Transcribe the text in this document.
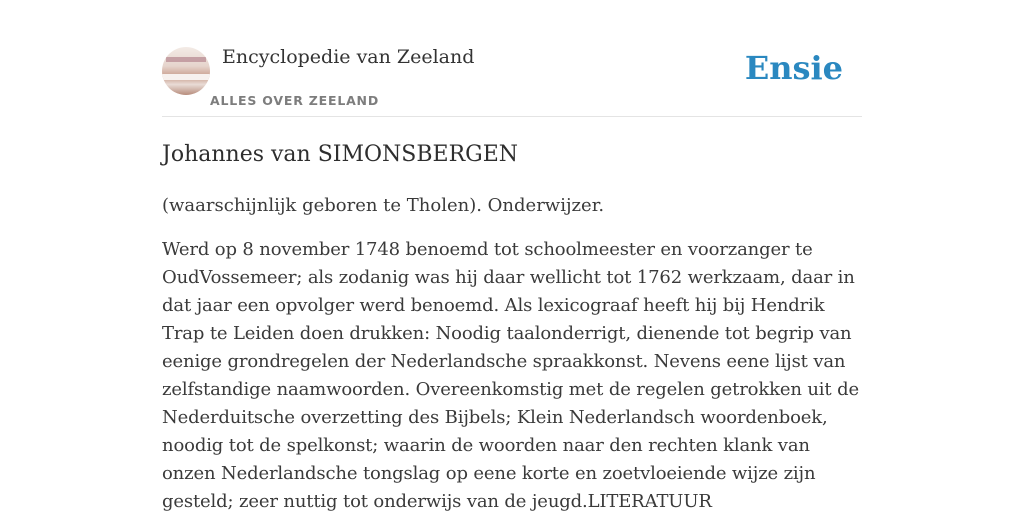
Encyclopedie van Zeeland
ALLES OVER ZEELAND
Ensie
Johannes van SIMONSBERGEN

(waarschijnlijk geboren te Tholen). Onderwijzer.

Werd op 8 november 1748 benoemd tot schoolmeester en voorzanger te OudVossemeer; als zodanig was hij daar wellicht tot 1762 werkzaam, daar in dat jaar een opvolger werd benoemd. Als lexicograaf heeft hij bij Hendrik Trap te Leiden doen drukken: Noodig taalonderrigt, dienende tot begrip van eenige grondregelen der Nederlandsche spraakkonst. Nevens eene lijst van zelfstandige naamwoorden. Overeenkomstig met de regelen getrokken uit de Nederduitsche overzetting des Bijbels; Klein Nederlandsch woordenboek, noodig tot de spelkonst; waarin de woorden naar den rechten klank van onzen Nederlandsche tongslag op eene korte en zoetvloeiende wijze zijn gesteld; zeer nuttig tot onderwijs van de jeugd.LITERATUUR
